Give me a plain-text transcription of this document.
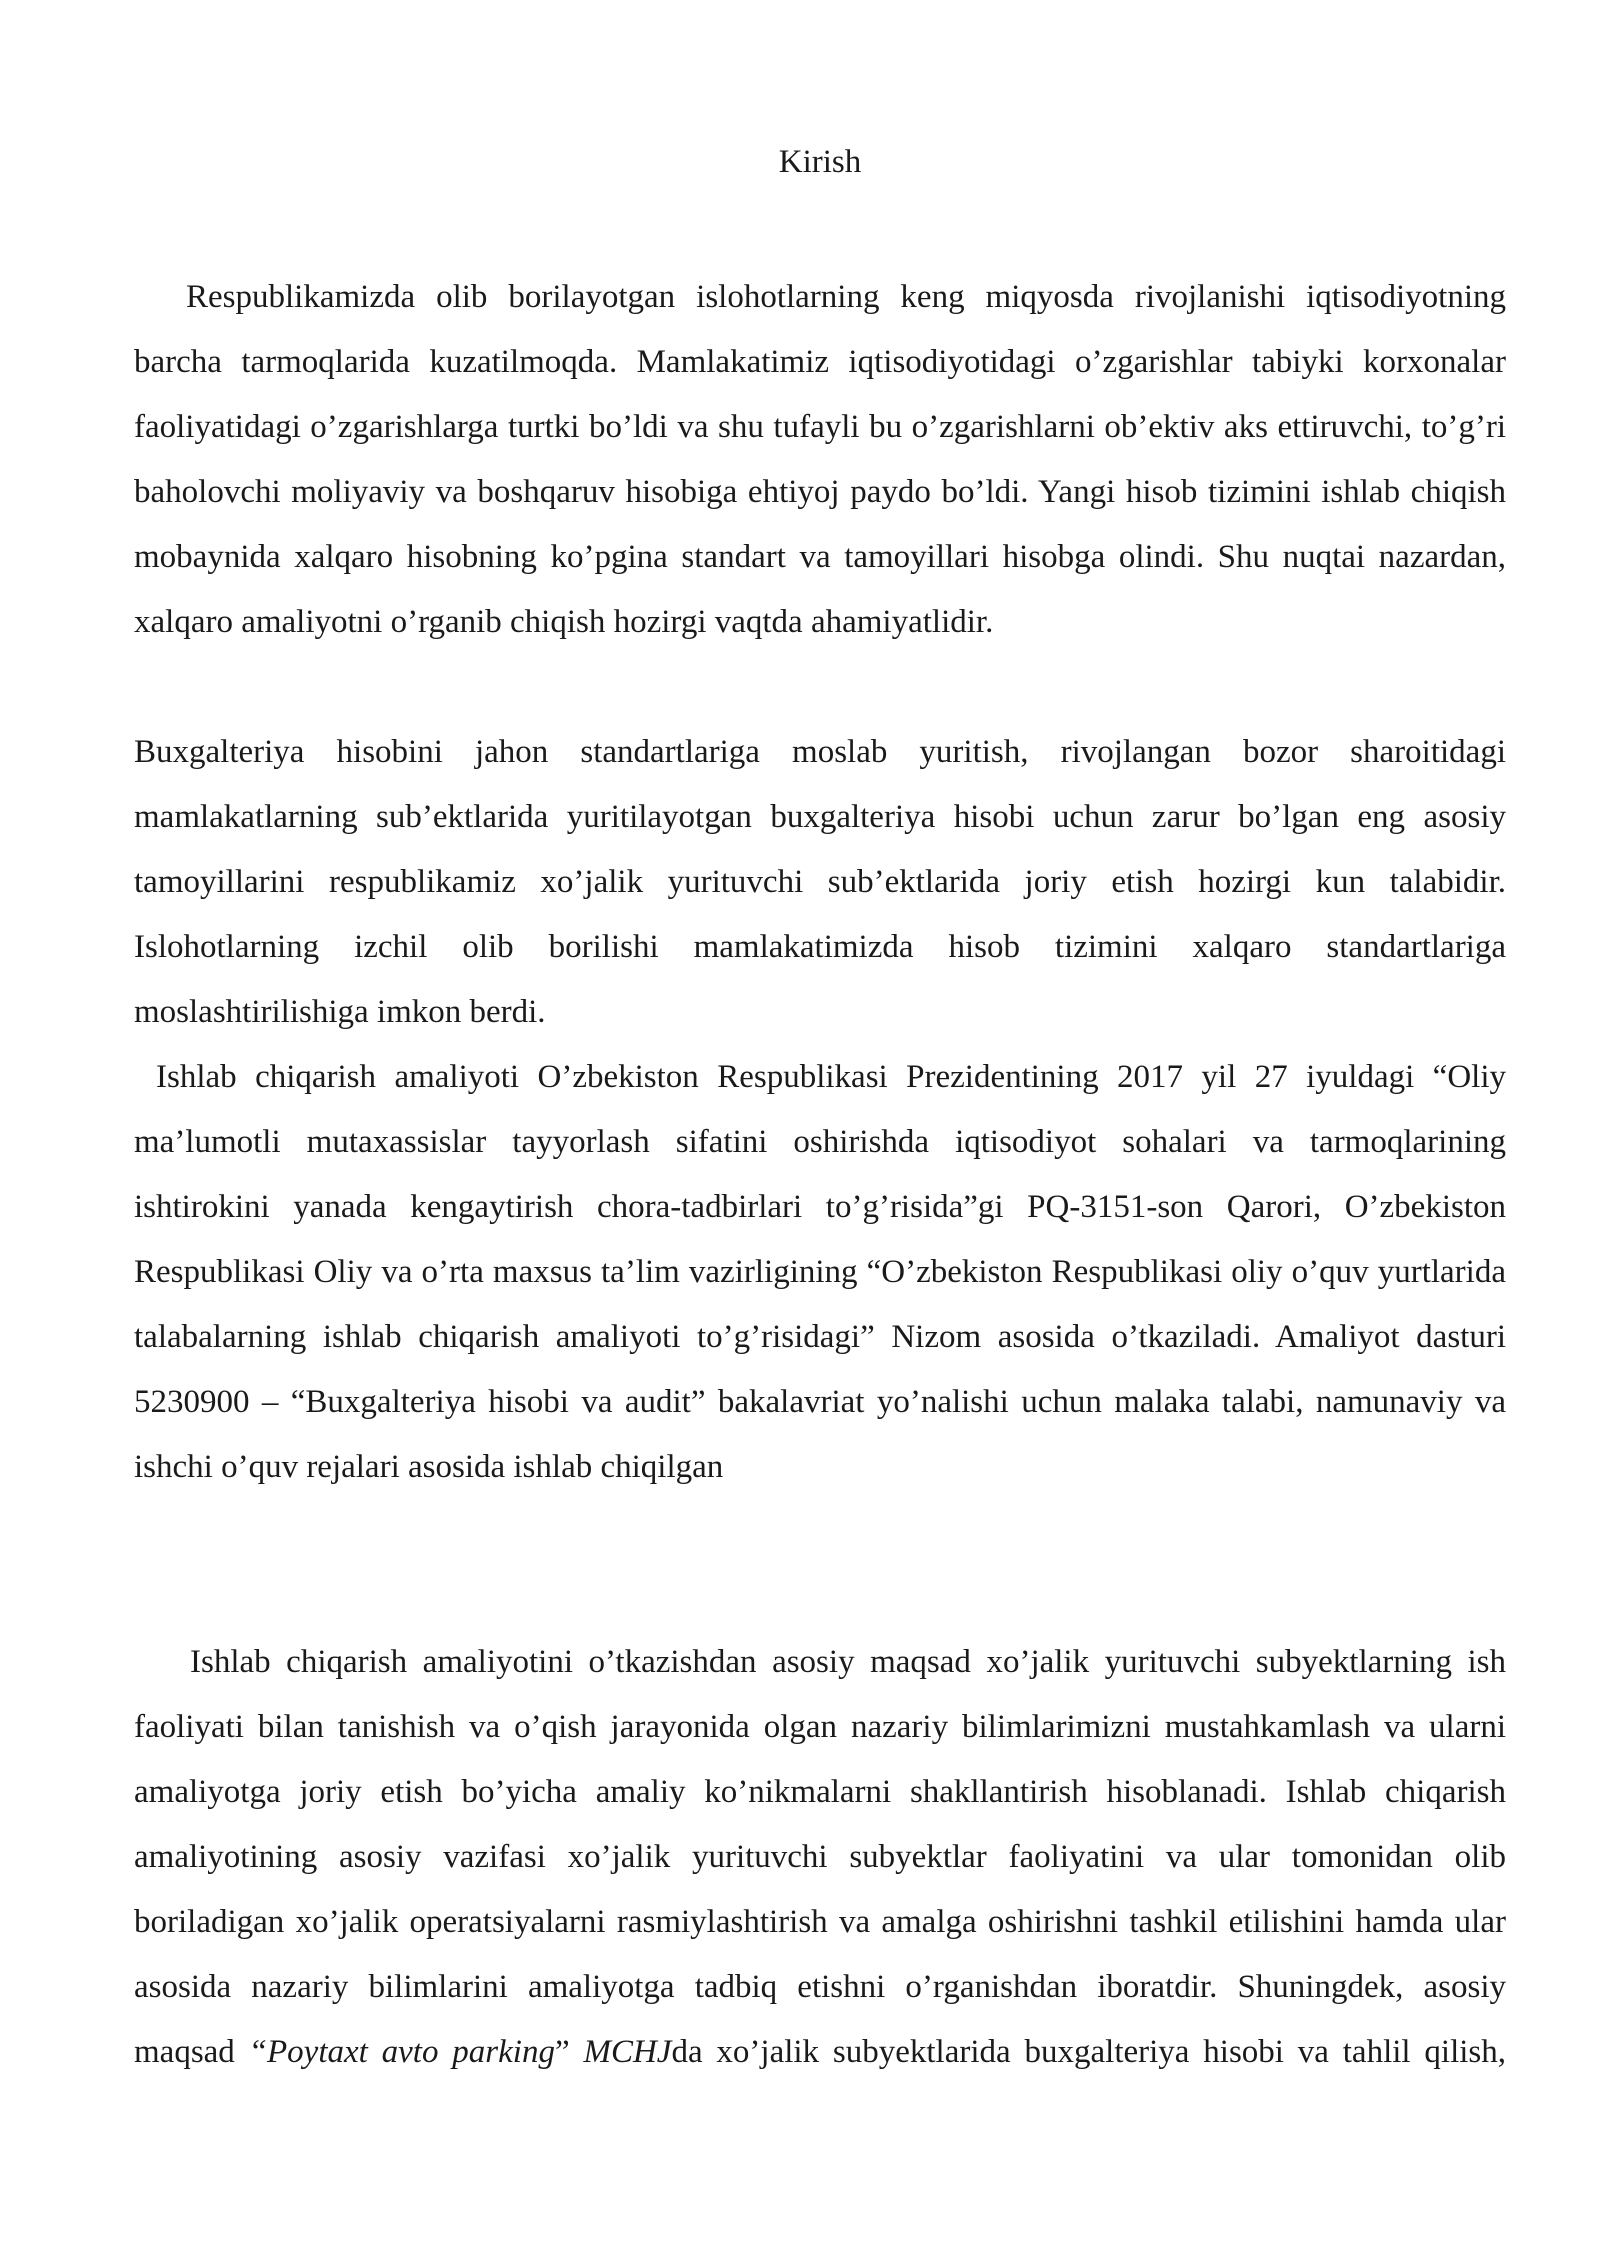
Kirish

Respublikamizda olib borilayotgan islohotlarning keng miqyosda rivojlanishi iqtisodiyotning barcha tarmoqlarida kuzatilmoqda. Mamlakatimiz iqtisodiyotidagi o’zgarishlar tabiyki korxonalar faoliyatidagi o’zgarishlarga turtki bo’ldi va shu tufayli bu o’zgarishlarni ob’ektiv aks ettiruvchi, to’g’ri baholovchi moliyaviy va boshqaruv hisobiga ehtiyoj paydo bo’ldi. Yangi hisob tizimini ishlab chiqish mobaynida xalqaro hisobning ko’pgina standart va tamoyillari hisobga olindi. Shu nuqtai nazardan, xalqaro amaliyotni o’rganib chiqish hozirgi vaqtda ahamiyatlidir.

Buxgalteriya hisobini jahon standartlariga moslab yuritish, rivojlangan bozor sharoitidagi mamlakatlarning sub’ektlarida yuritilayotgan buxgalteriya hisobi uchun zarur bo’lgan eng asosiy tamoyillarini respublikamiz xo’jalik yurituvchi sub’ektlarida joriy etish hozirgi kun talabidir. Islohotlarning izchil olib borilishi mamlakatimizda hisob tizimini xalqaro standartlariga moslashtirilishiga imkon berdi.

Ishlab chiqarish amaliyoti O’zbekiston Respublikasi Prezidentining 2017 yil 27 iyuldagi “Oliy ma’lumotli mutaxassislar tayyorlash sifatini oshirishda iqtisodiyot sohalari va tarmoqlarining ishtirokini yanada kengaytirish chora-tadbirlari to’g’risida”gi PQ-3151-son Qarori, O’zbekiston Respublikasi Oliy va o’rta maxsus ta’lim vazirligining “O’zbekiston Respublikasi oliy o’quv yurtlarida talabalarning ishlab chiqarish amaliyoti to’g’risidagi” Nizom asosida o’tkaziladi. Amaliyot dasturi 5230900 – “Buxgalteriya hisobi va audit” bakalavriat yo’nalishi uchun malaka talabi, namunaviy va ishchi o’quv rejalari asosida ishlab chiqilgan

Ishlab chiqarish amaliyotini o’tkazishdan asosiy maqsad xo’jalik yurituvchi subyektlarning ish faoliyati bilan tanishish va o’qish jarayonida olgan nazariy bilimlarimizni mustahkamlash va ularni amaliyotga joriy etish bo’yicha amaliy ko’nikmalarni shakllantirish hisoblanadi. Ishlab chiqarish amaliyotining asosiy vazifasi xo’jalik yurituvchi subyektlar faoliyatini va ular tomonidan olib boriladigan xo’jalik operatsiyalarni rasmiylashtirish va amalga oshirishni tashkil etilishini hamda ular asosida nazariy bilimlarini amaliyotga tadbiq etishni o’rganishdan iboratdir. Shuningdek, asosiy maqsad “Poytaxt avto parking” MCHJda xo’jalik subyektlarida buxgalteriya hisobi va tahlil qilish,
